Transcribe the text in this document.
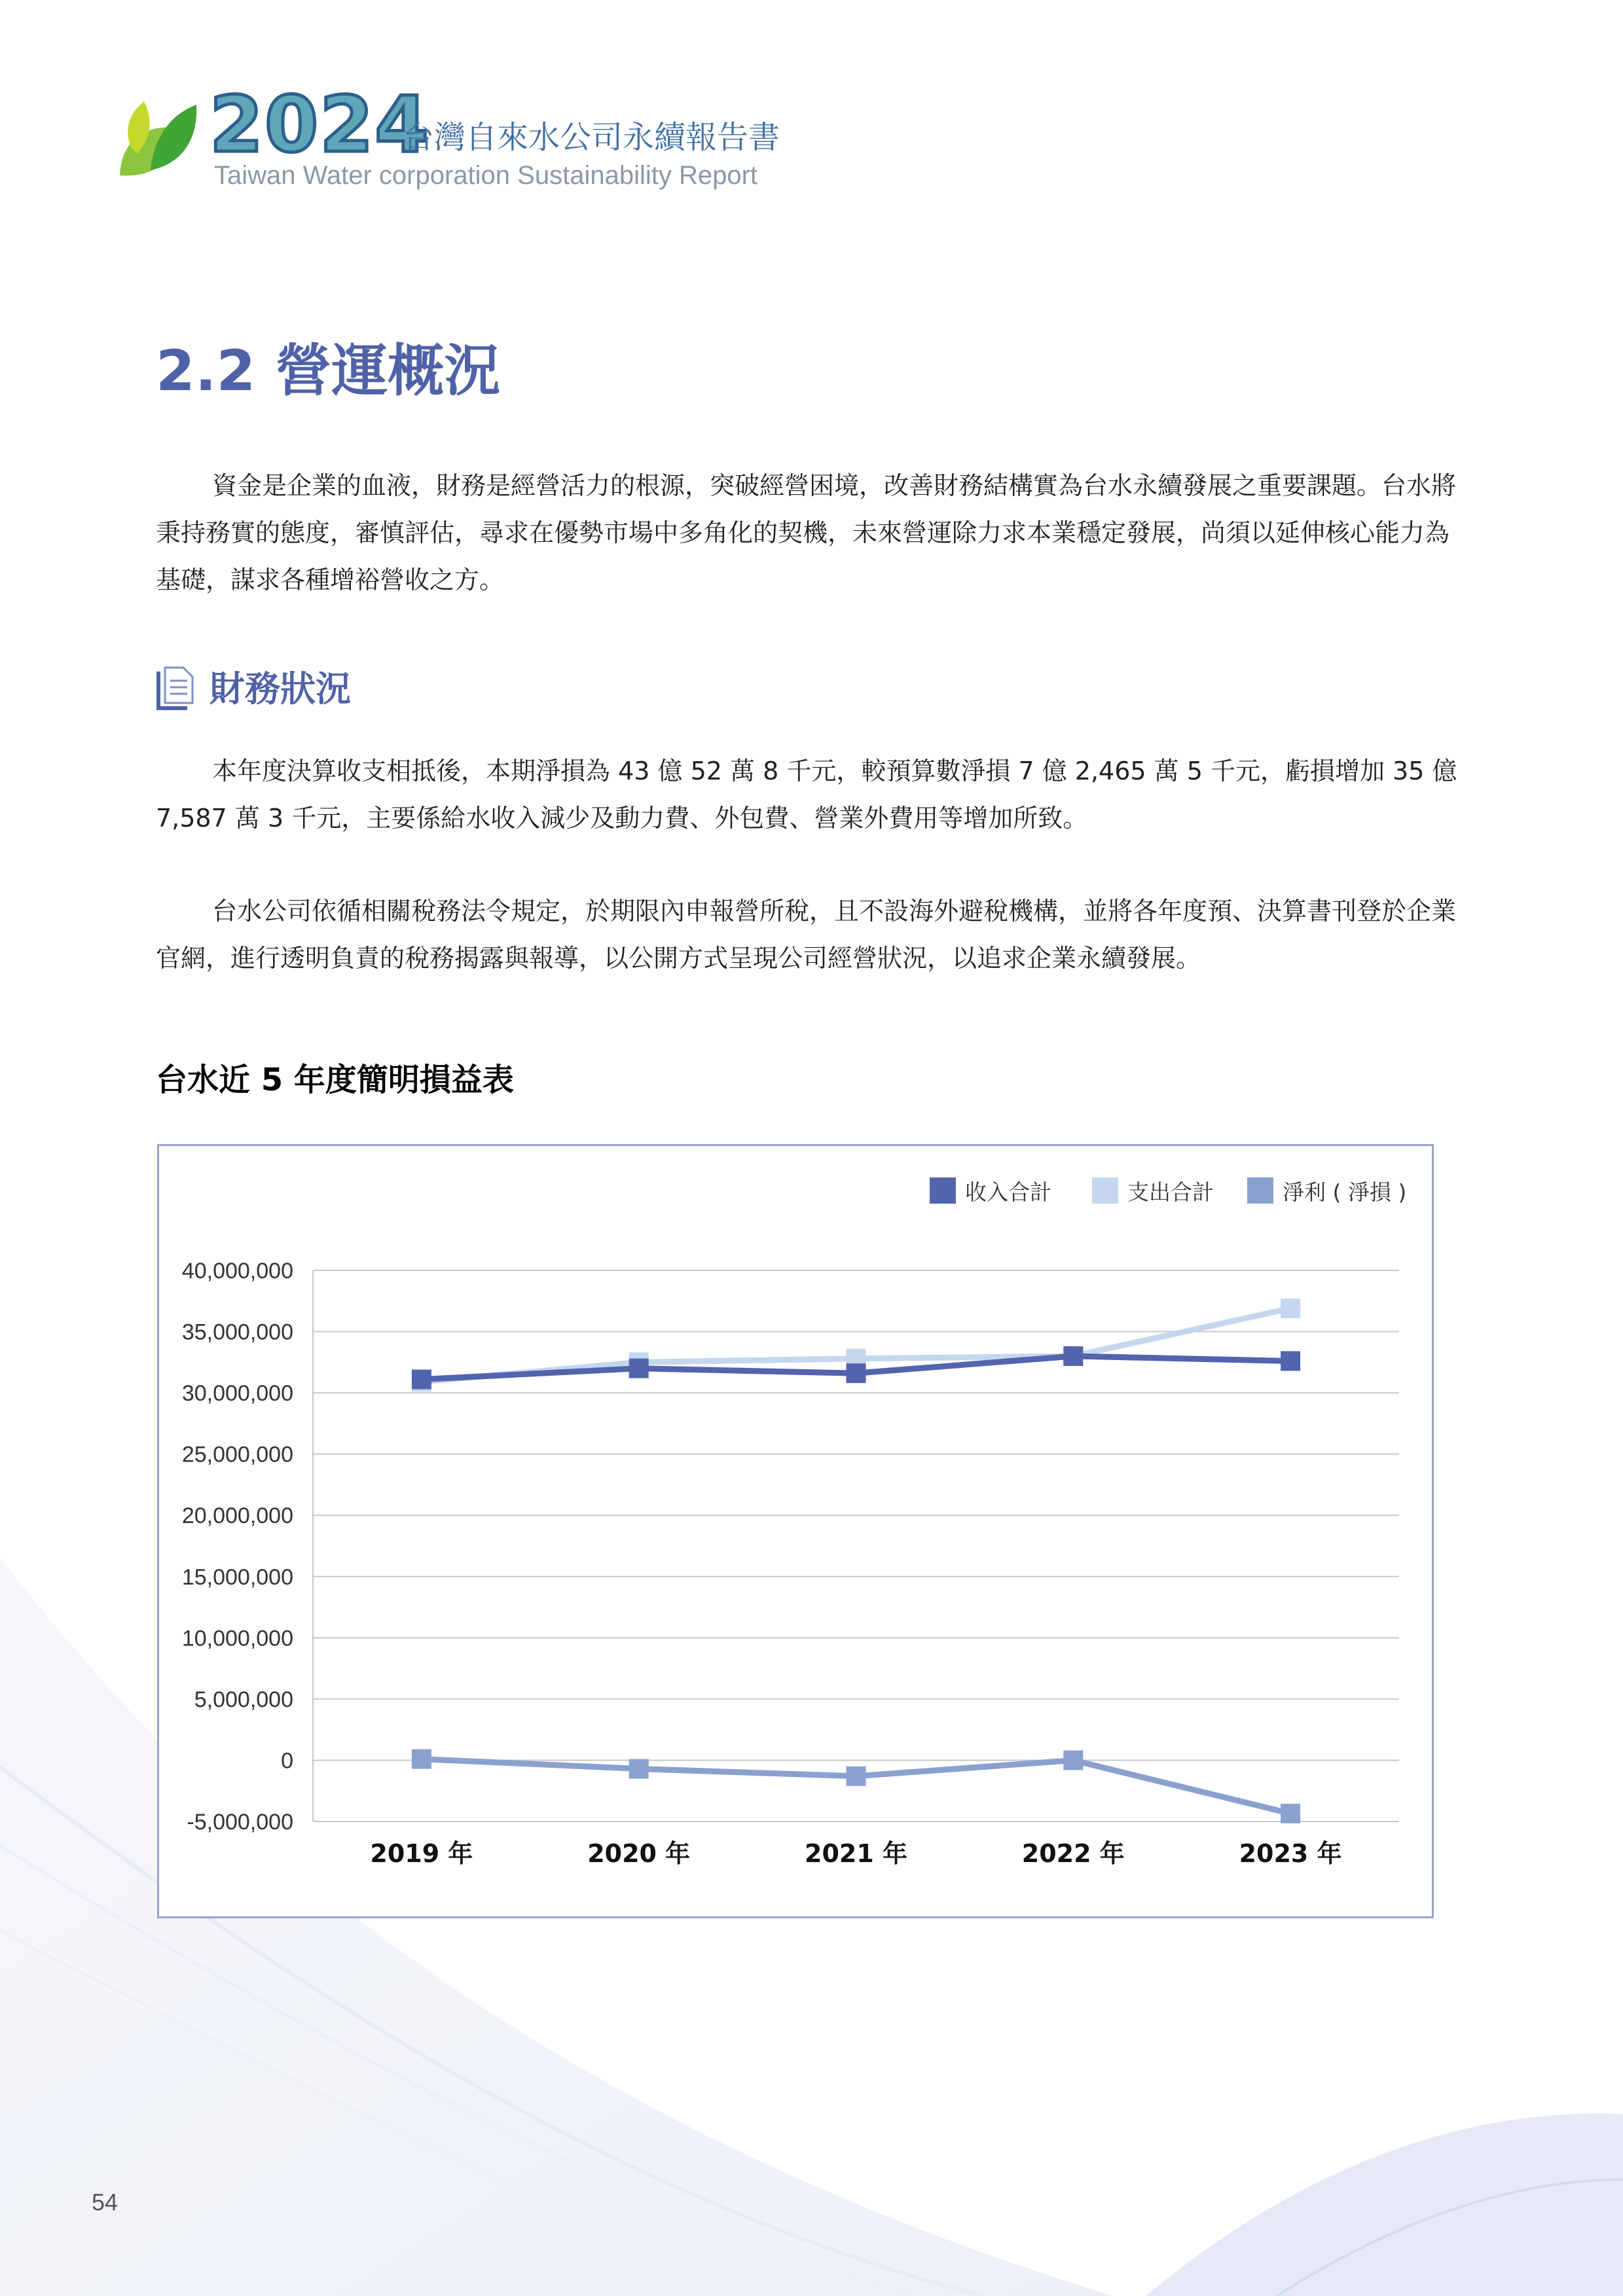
2024
台灣自來水公司永續報告書
Taiwan Water corporation Sustainability Report
2.2 營運概況

資金是企業的血液，財務是經營活力的根源，突破經營困境，改善財務結構實為台水永續發展之重要課題。台水將秉持務實的態度，審慎評估，尋求在優勢市場中多角化的契機，未來營運除力求本業穩定發展，尚須以延伸核心能力為基礎，謀求各種增裕營收之方。

財務狀況

本年度決算收支相抵後，本期淨損為 43 億 52 萬 8 千元，較預算數淨損 7 億 2,465 萬 5 千元，虧損增加 35 億 7,587 萬 3 千元，主要係給水收入減少及動力費、外包費、營業外費用等增加所致。

台水公司依循相關稅務法令規定，於期限內申報營所稅，且不設海外避稅機構，並將各年度預、決算書刊登於企業官網，進行透明負責的稅務揭露與報導，以公開方式呈現公司經營狀況，以追求企業永續發展。

台水近 5 年度簡明損益表
40,000,000
35,000,000
30,000,000
25,000,000
20,000,000
15,000,000
10,000,000
5,000,000
0
-5,000,000
2019 年	2020 年	2021 年	2022 年	2023 年
收入合計	支出合計	淨利 ( 淨損 )
54
